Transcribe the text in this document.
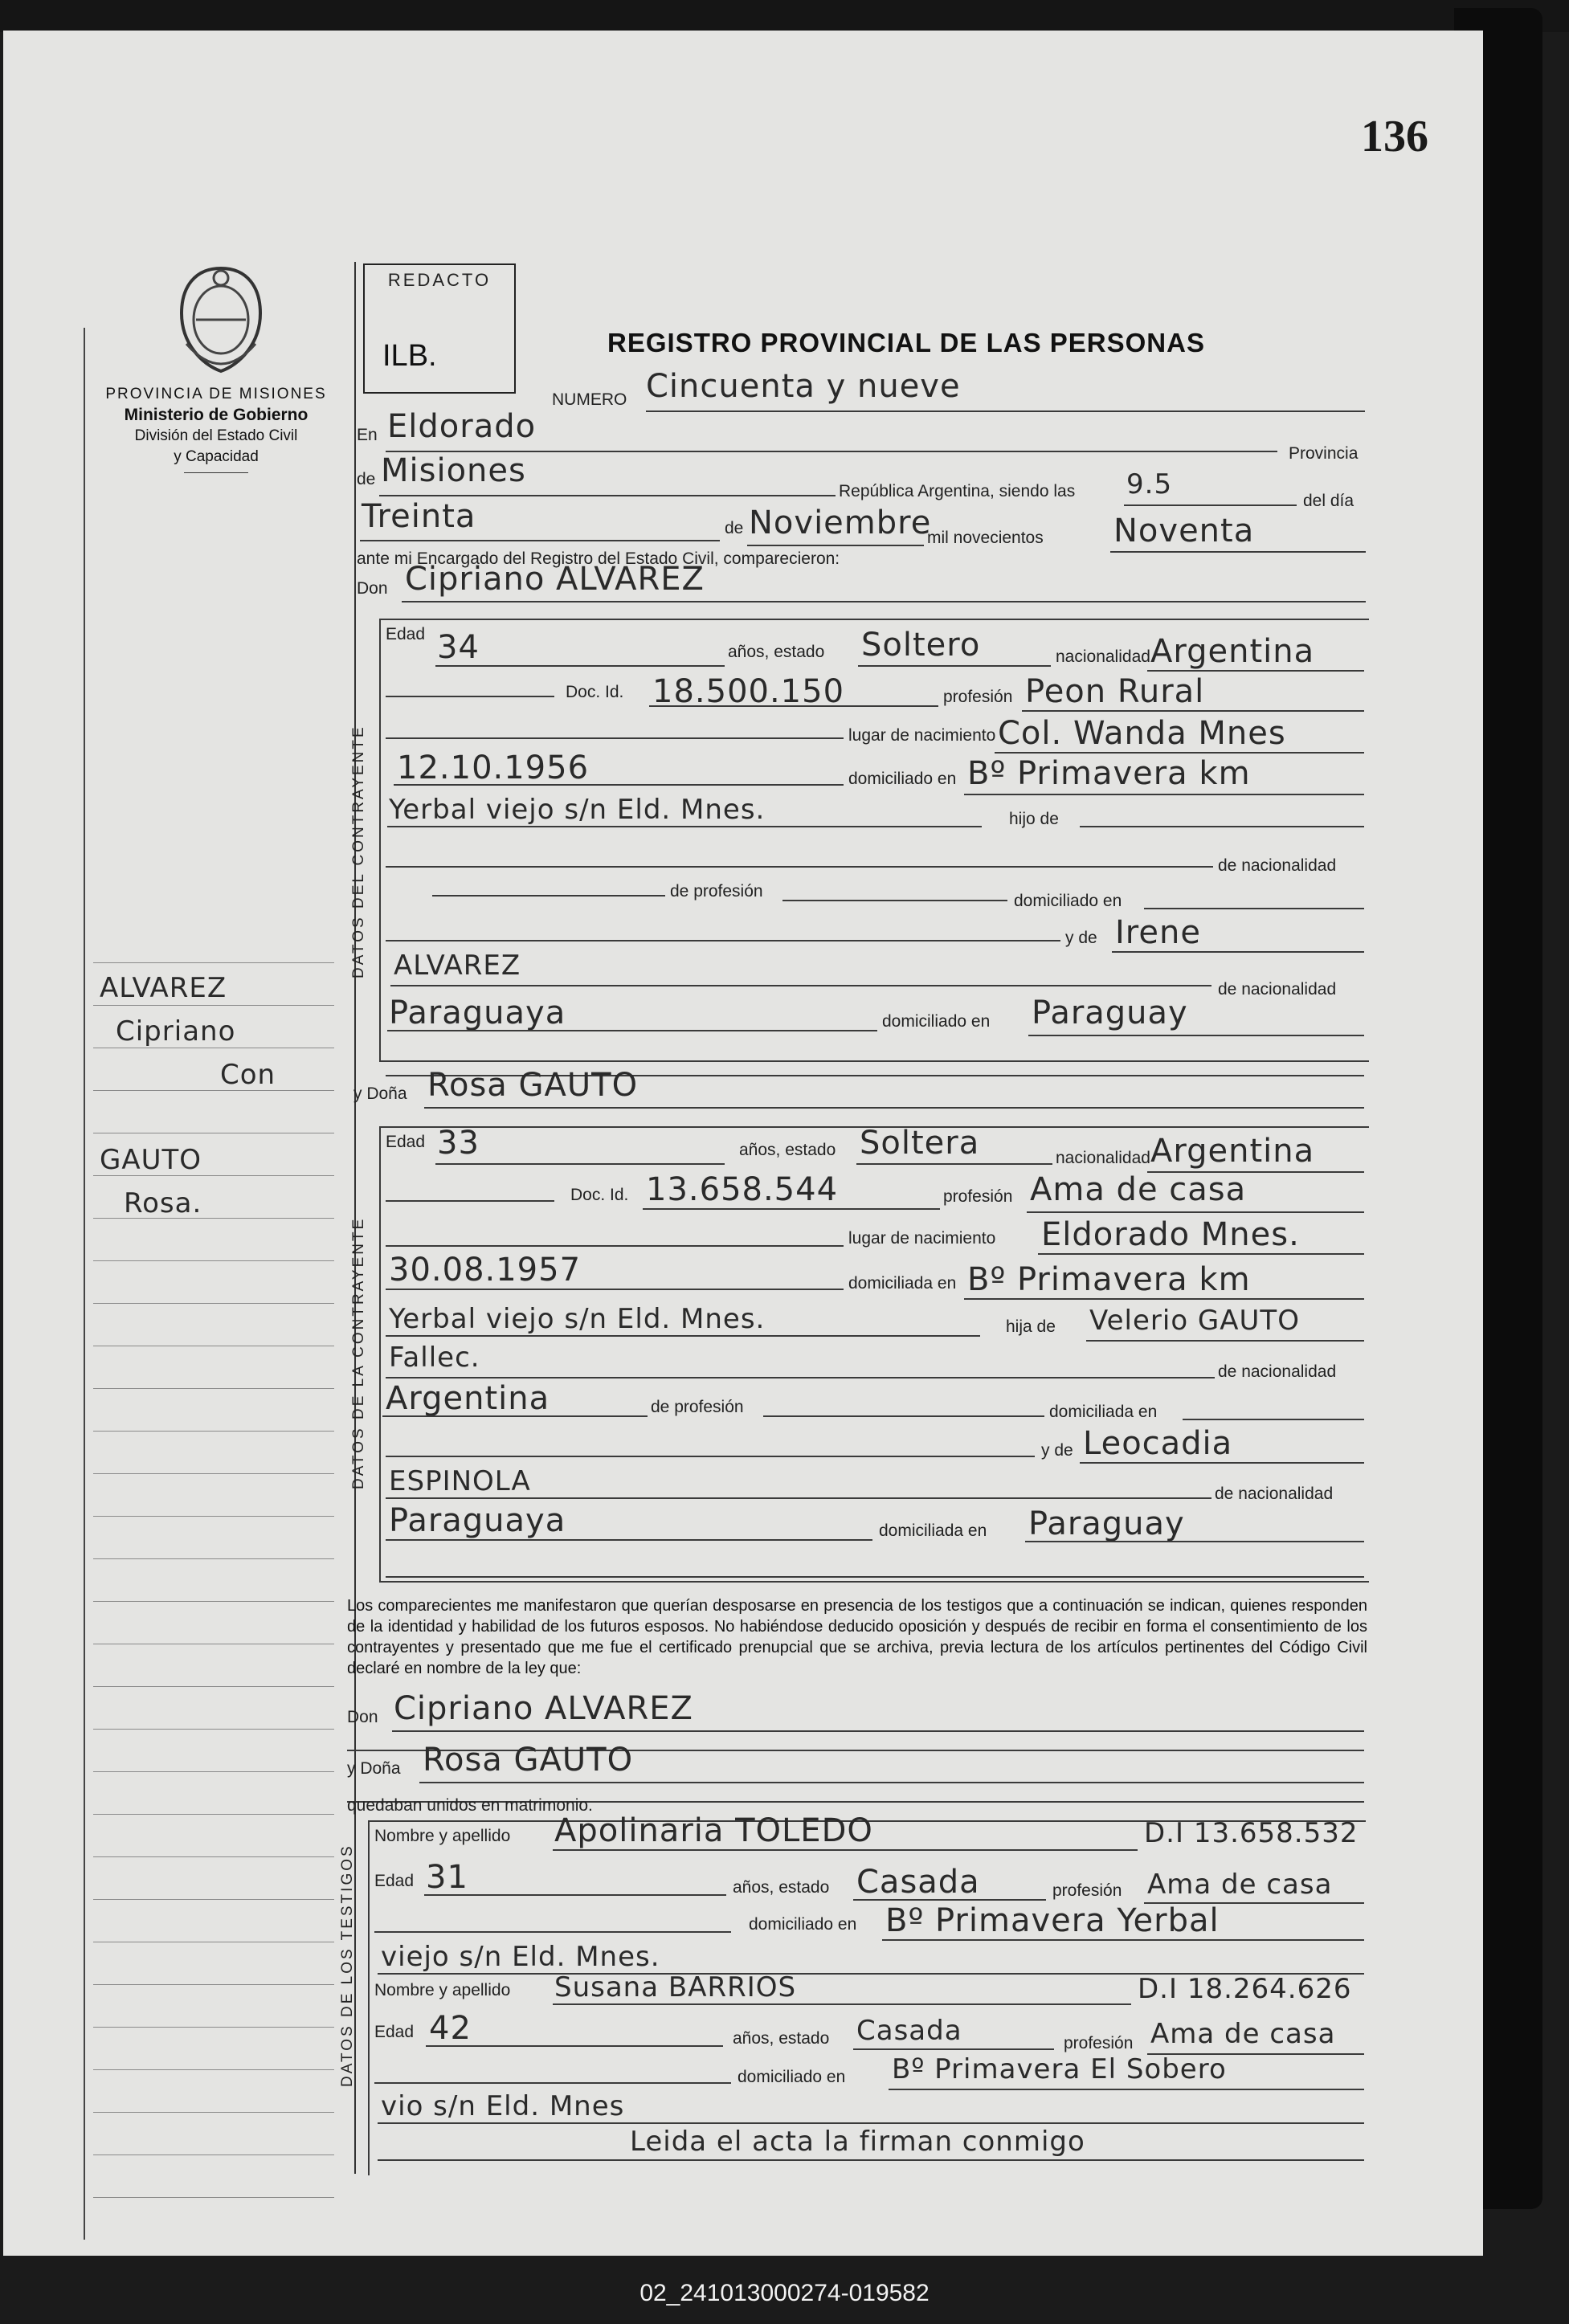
136
PROVINCIA DE MISIONES
Ministerio de Gobierno
División del Estado Civil
y Capacidad
REDACTO
ILB.	REGISTRO PROVINCIAL DE LAS PERSONAS
NUMERO Cincuenta y nueve
En Eldorado
Provincia
de Misiones
República Argentina, siendo las 9.5
del día
Treinta	de Noviembre
mil novecientos Noventa
ante mi Encargado del Registro del Estado Civil, comparecieron:
Don Cipriano ALVAREZ
DATOS DEL CONTRAYENTE
Edad 34	años, estado Soltero	nacionalidad Argentina
Doc. Id. 18.500.150	profesión Peon Rural
lugar de nacimiento Col. Wanda Mnes
12.10.1956	domiciliado en Bº Primavera km
Yerbal viejo s/n Eld. Mnes.	hijo de
de nacionalidad
de profesión
domiciliado en
y de Irene
ALVAREZ
de nacionalidad
Paraguaya	domiciliado en Paraguay
y Doña Rosa GAUTO
DATOS DE LA CONTRAYENTE
Edad 33	años, estado Soltera	nacionalidad Argentina
Doc. Id. 13.658.544	profesión Ama de casa
lugar de nacimiento Eldorado Mnes.
30.08.1957	domiciliada en Bº Primavera km
Yerbal viejo s/n Eld. Mnes.	hija de Velerio GAUTO
Fallec.	de nacionalidad
Argentina	de profesión	domiciliada en
y de Leocadia
ESPINOLA	de nacionalidad
Paraguaya	domiciliada en Paraguay
Los comparecientes me manifestaron que querían desposarse en presencia de los testigos que a continuación se indican, quienes responden de la identidad y habilidad de los futuros esposos. No habiéndose deducido oposición y después de recibir en forma el consentimiento de los contrayentes y presentado que me fue el certificado prenupcial que se archiva, previa lectura de los artículos pertinentes del Código Civil declaré en nombre de la ley que:
Don Cipriano ALVAREZ
y Doña Rosa GAUTO
quedaban unidos en matrimonio.
DATOS DE LOS TESTIGOS
Nombre y apellido Apolinaria TOLEDO	D.I 13.658.532
Edad 31	años, estado Casada	profesión Ama de casa
domiciliado en Bº Primavera Yerbal
viejo s/n Eld. Mnes.
Nombre y apellido Susana BARRIOS	D.I 18.264.626
Edad 42	años, estado Casada	profesión Ama de casa
domiciliado en Bº Primavera El Sobero
vio s/n Eld. Mnes
Leida el acta la firman conmigo
ALVAREZ
Cipriano
Con
GAUTO
Rosa.
02_241013000274-019582
